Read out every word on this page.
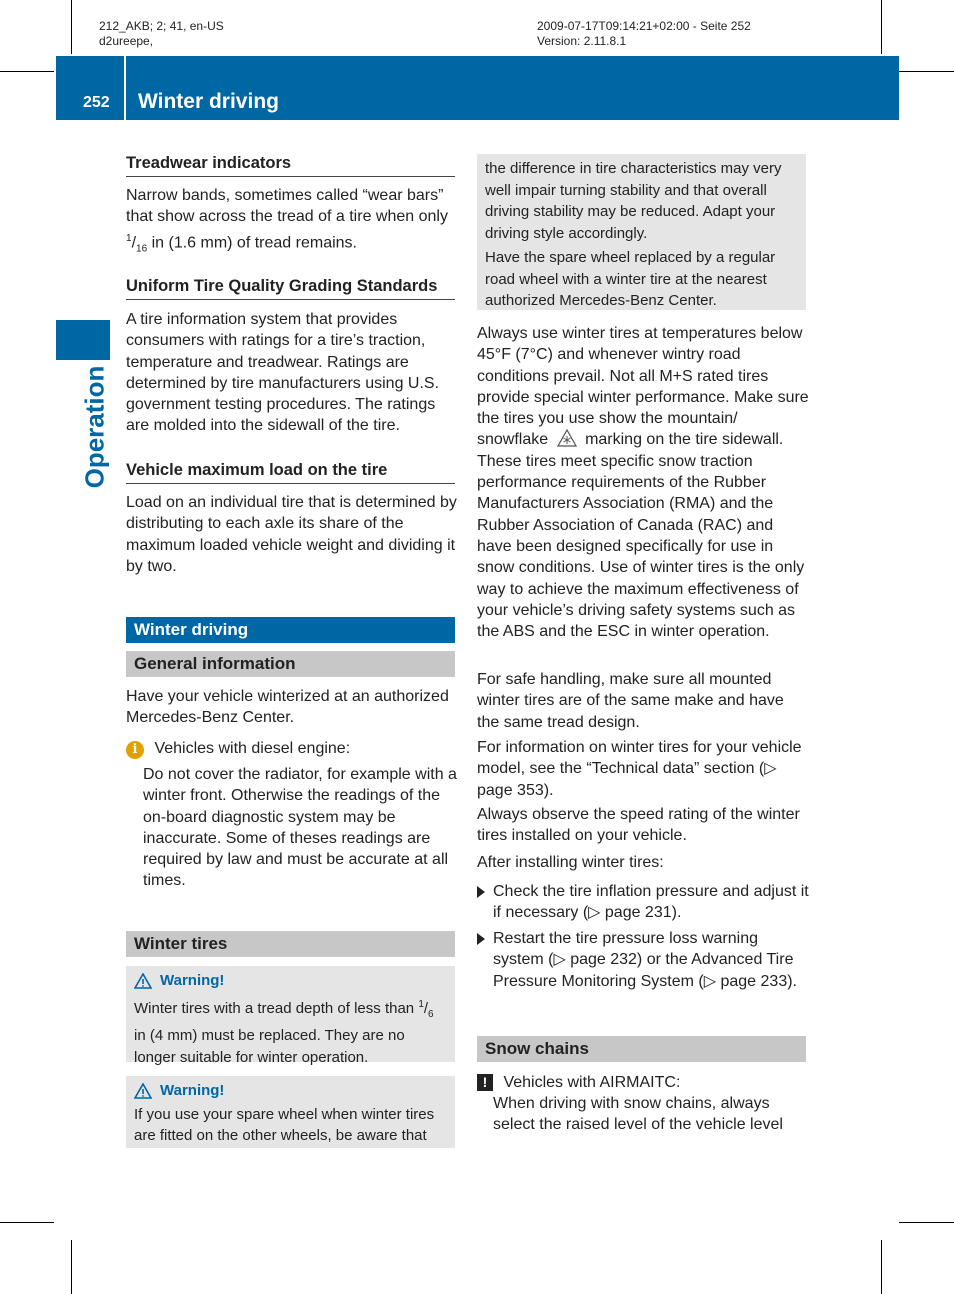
212_AKB; 2; 41, en-US
d2ureepe,
2009-07-17T09:14:21+02:00 - Seite 252
Version: 2.11.8.1
252 Winter driving
Operation
Treadwear indicators
Narrow bands, sometimes called “wear bars” that show across the tread of a tire when only $^1/_{16}$ in (1.6 mm) of tread remains.
Uniform Tire Quality Grading Standards
A tire information system that provides consumers with ratings for a tire’s traction, temperature and treadwear. Ratings are determined by tire manufacturers using U.S. government testing procedures. The ratings are molded into the sidewall of the tire.
Vehicle maximum load on the tire
Load on an individual tire that is determined by distributing to each axle its share of the maximum loaded vehicle weight and dividing it by two.
Winter driving
General information
Have your vehicle winterized at an authorized Mercedes-Benz Center.
i Vehicles with diesel engine:
Do not cover the radiator, for example with a winter front. Otherwise the readings of the on-board diagnostic system may be inaccurate. Some of theses readings are required by law and must be accurate at all times.
Winter tires
Warning!
Winter tires with a tread depth of less than $^1/_6$ in (4 mm) must be replaced. They are no longer suitable for winter operation.
Warning!
If you use your spare wheel when winter tires are fitted on the other wheels, be aware that
the difference in tire characteristics may very well impair turning stability and that overall driving stability may be reduced. Adapt your driving style accordingly.
Have the spare wheel replaced by a regular road wheel with a winter tire at the nearest authorized Mercedes-Benz Center.
Always use winter tires at temperatures below 45°F (7°C) and whenever wintry road conditions prevail. Not all M+S rated tires provide special winter performance. Make sure the tires you use show the mountain/ snowflake marking on the tire sidewall. These tires meet specific snow traction performance requirements of the Rubber Manufacturers Association (RMA) and the Rubber Association of Canada (RAC) and have been designed specifically for use in snow conditions. Use of winter tires is the only way to achieve the maximum effectiveness of your vehicle’s driving safety systems such as the ABS and the ESC in winter operation.
For safe handling, make sure all mounted winter tires are of the same make and have the same tread design.
For information on winter tires for your vehicle model, see the “Technical data” section (▷ page 353).
Always observe the speed rating of the winter tires installed on your vehicle.
After installing winter tires:
Check the tire inflation pressure and adjust it if necessary (▷ page 231).
Restart the tire pressure loss warning system (▷ page 232) or the Advanced Tire Pressure Monitoring System (▷ page 233).
Snow chains
! Vehicles with AIRMAITC:
When driving with snow chains, always select the raised level of the vehicle level
